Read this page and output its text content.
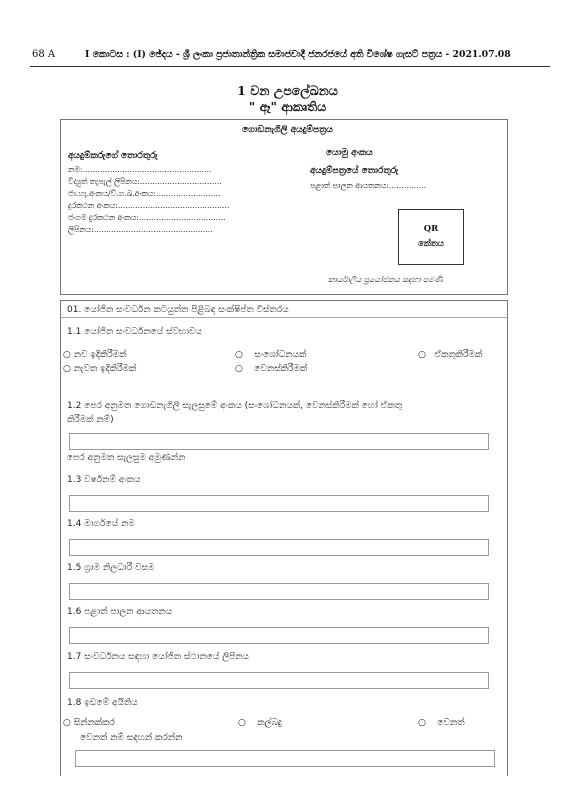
68 A	I කොටස : (I) ඡේදය - ශ්‍රී ලංකා ප්‍රජාතාන්ත්‍රික සමාජවාදී ජනරජයේ අති විශේෂ ගැසට් පත්‍රය - 2021.07.08
1 වන උපලේඛනය
" ඈ" ආකෘතිය
ගොඩනැගිලි අයදුම්පත්‍රය
අයදුම්කරුගේ තොරතුරු
නම:....................................................
විද්‍යුත් තැපැල් ලිපිනය:.................................
ජා.හැ.අංකය/ව්.ග.ඛ.අංකය:..........................
දුරකථන අංකය:.............................................
ජංගම දුරකථන අංකය:...................................
ලිපිනය:................................................
යොමු අංකය
අයදුම්පත්‍රයේ තොරතුරු
පළාත් පාලන ආයතනය:...............
QR
කේතය
කාර්යාලීය ප්‍රයෝජනය සඳහා පමණි
01. යෝජිත සංවර්ධන කටයුත්ත පිළිබඳ සංක්ෂිප්ත විස්තරය
1.1 යෝජිත සංවර්ධනයේ ස්වභාවය
○ නව ඉදිකිරීමක්	○    සංශෝධනයක්	○   ඒකතුකිරීමක්
○ නැවත ඉදිකිරීමක්	○    වෙනස්කිරීමක්
1.2 පෙර අනුමත ගොඩනැගිලි සැලසුමේ අංකය (සංශෝධනයක්, වෙනස්කිරීමක් හෝ ඒකතු
කිරීමක් නම්)
පෙර අනුමත සැලසුම අමුණන්න
1.3 වර්ෂනම් අංකය
1.4 මාර්ගයේ නම
1.5 ග්‍රාම නිලධාරී වසම
1.6 පළාත් පාලන ආයතනය
1.7 සංවර්ධනය සඳහා යෝජිත ස්ථානයේ ලිපිනය
1.8 ඉඩමේ අයිතිය
○ සින්නක්කර	○    කල්බදු	○    වෙනත්
වෙනත් නම් සඳහන් කරන්න
